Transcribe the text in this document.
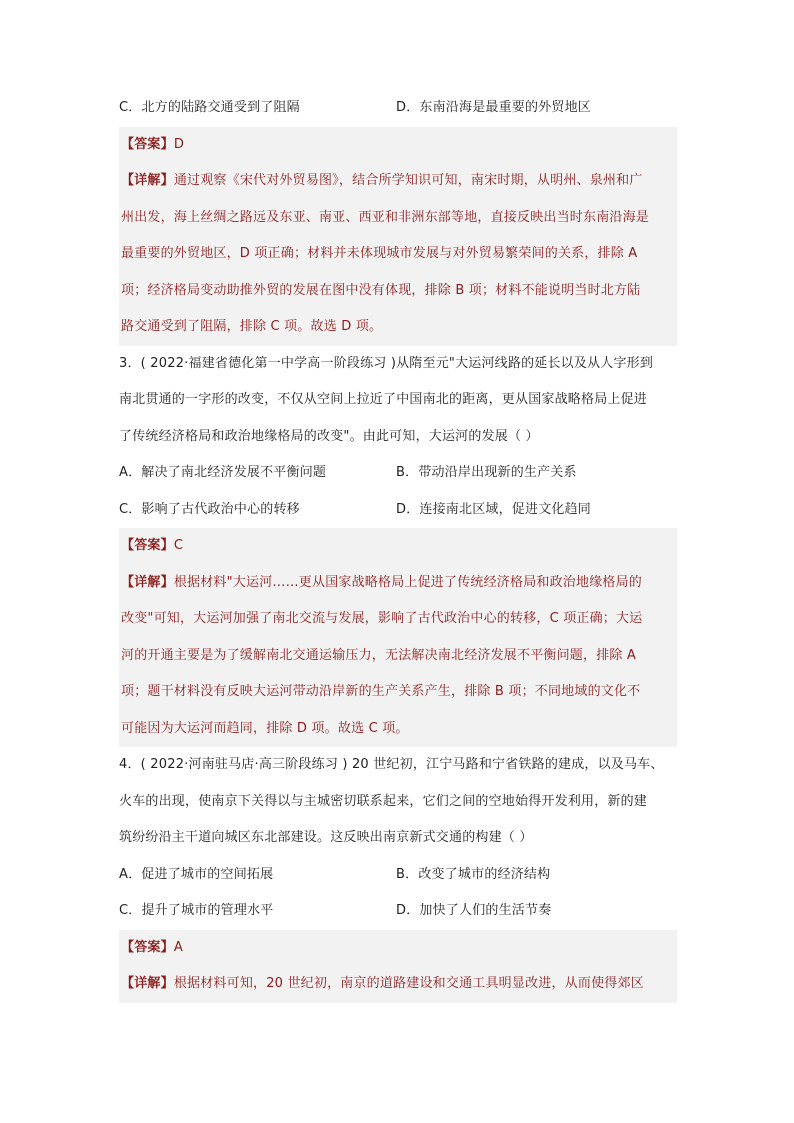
C．北方的陆路交通受到了阻隔	D．东南沿海是最重要的外贸地区
【答案】D
【详解】通过观察《宋代对外贸易图》，结合所学知识可知，南宋时期，从明州、泉州和广
州出发，海上丝绸之路远及东亚、南亚、西亚和非洲东部等地，直接反映出当时东南沿海是
最重要的外贸地区，D 项正确；材料并未体现城市发展与对外贸易繁荣间的关系，排除 A
项；经济格局变动助推外贸的发展在图中没有体现，排除 B 项；材料不能说明当时北方陆
路交通受到了阻隔，排除 C 项。故选 D 项。
3．( 2022·福建省德化第一中学高一阶段练习 )从隋至元"大运河线路的延长以及从人字形到
南北贯通的一字形的改变，不仅从空间上拉近了中国南北的距离，更从国家战略格局上促进
了传统经济格局和政治地缘格局的改变"。由此可知，大运河的发展（ ）
A．解决了南北经济发展不平衡问题	B．带动沿岸出现新的生产关系
C．影响了古代政治中心的转移	D．连接南北区域，促进文化趋同
【答案】C
【详解】根据材料"大运河……更从国家战略格局上促进了传统经济格局和政治地缘格局的
改变"可知，大运河加强了南北交流与发展，影响了古代政治中心的转移，C 项正确；大运
河的开通主要是为了缓解南北交通运输压力，无法解决南北经济发展不平衡问题，排除 A
项；题干材料没有反映大运河带动沿岸新的生产关系产生，排除 B 项；不同地域的文化不
可能因为大运河而趋同，排除 D 项。故选 C 项。
4．( 2022·河南驻马店·高三阶段练习 ) 20 世纪初，江宁马路和宁省铁路的建成，以及马车、
火车的出现，使南京下关得以与主城密切联系起来，它们之间的空地始得开发利用，新的建
筑纷纷沿主干道向城区东北部建设。这反映出南京新式交通的构建（ ）
A．促进了城市的空间拓展	B．改变了城市的经济结构
C．提升了城市的管理水平	D．加快了人们的生活节奏
【答案】A
【详解】根据材料可知，20 世纪初，南京的道路建设和交通工具明显改进，从而使得郊区
